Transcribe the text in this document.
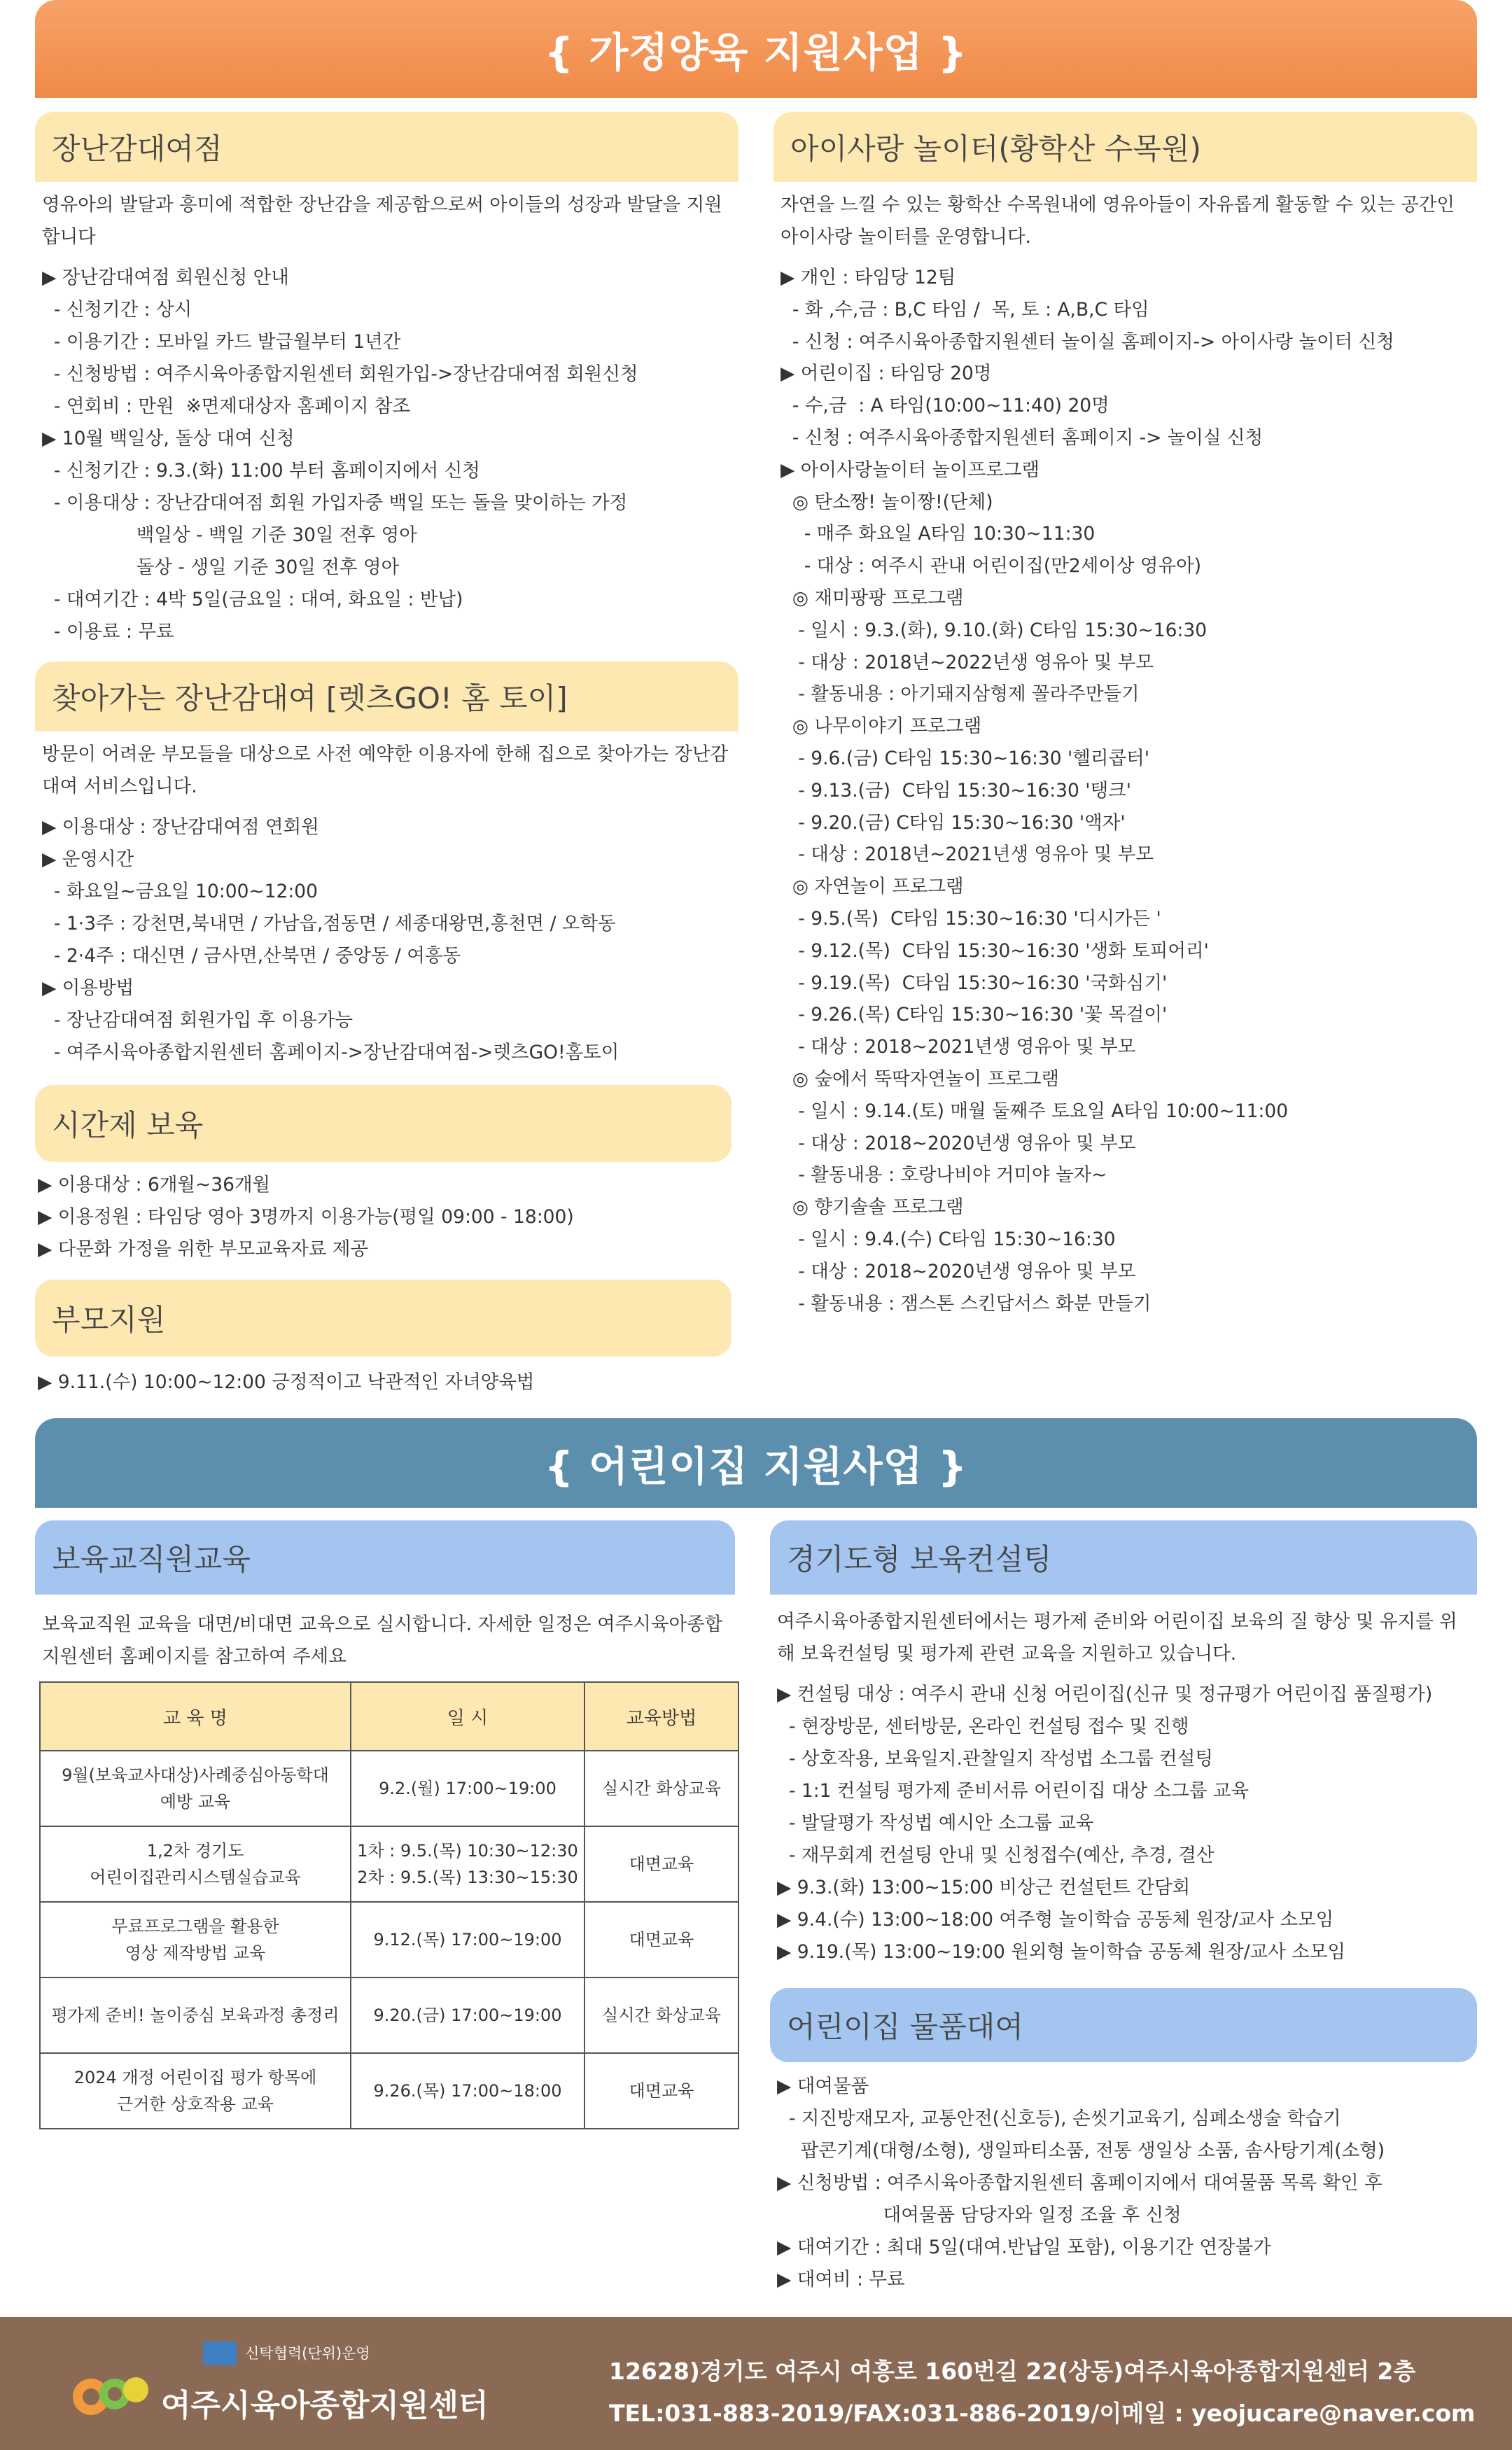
{ 가정양육 지원사업 }
장난감대여점
영유아의 발달과 흥미에 적합한 장난감을 제공함으로써 아이들의 성장과 발달을 지원합니다
▶ 장난감대여점 회원신청 안내
- 신청기간 : 상시
- 이용기간 : 모바일 카드 발급월부터 1년간
- 신청방법 : 여주시육아종합지원센터 회원가입->장난감대여점 회원신청
- 연회비 : 만원  ※면제대상자 홈페이지 참조
▶ 10월 백일상, 돌상 대여 신청
- 신청기간 : 9.3.(화) 11:00 부터 홈페이지에서 신청
- 이용대상 : 장난감대여점 회원 가입자중 백일 또는 돌을 맞이하는 가정
백일상 - 백일 기준 30일 전후 영아
돌상 - 생일 기준 30일 전후 영아
- 대여기간 : 4박 5일(금요일 : 대여, 화요일 : 반납)
- 이용료 : 무료
찾아가는 장난감대여 [렛츠GO! 홈 토이]
방문이 어려운 부모들을 대상으로 사전 예약한 이용자에 한해 집으로 찾아가는 장난감 대여 서비스입니다.
▶ 이용대상 : 장난감대여점 연회원
▶ 운영시간
- 화요일~금요일 10:00~12:00
- 1·3주 : 강천면,북내면 / 가남읍,점동면 / 세종대왕면,흥천면 / 오학동
- 2·4주 : 대신면 / 금사면,산북면 / 중앙동 / 여흥동
▶ 이용방법
- 장난감대여점 회원가입 후 이용가능
- 여주시육아종합지원센터 홈페이지->장난감대여점->렛츠GO!홈토이
시간제 보육
▶ 이용대상 : 6개월~36개월
▶ 이용정원 : 타임당 영아 3명까지 이용가능(평일 09:00 - 18:00)
▶ 다문화 가정을 위한 부모교육자료 제공
부모지원
▶ 9.11.(수) 10:00~12:00 긍정적이고 낙관적인 자녀양육법
아이사랑 놀이터(황학산 수목원)
자연을 느낄 수 있는 황학산 수목원내에 영유아들이 자유롭게 활동할 수 있는 공간인 아이사랑 놀이터를 운영합니다.
▶ 개인 : 타임당 12팀
- 화 ,수,금 : B,C 타임 /  목, 토 : A,B,C 타임
- 신청 : 여주시육아종합지원센터 놀이실 홈페이지-> 아이사랑 놀이터 신청
▶ 어린이집 : 타임당 20명
- 수,금  : A 타임(10:00~11:40) 20명
- 신청 : 여주시육아종합지원센터 홈페이지 -> 놀이실 신청
▶ 아이사랑놀이터 놀이프로그램
◎ 탄소짱! 놀이짱!(단체)
- 매주 화요일 A타임 10:30~11:30
- 대상 : 여주시 관내 어린이집(만2세이상 영유아)
◎ 재미팡팡 프로그램
- 일시 : 9.3.(화), 9.10.(화) C타임 15:30~16:30
- 대상 : 2018년~2022년생 영유아 및 부모
- 활동내용 : 아기돼지삼형제 꼴라주만들기
◎ 나무이야기 프로그램
- 9.6.(금) C타임 15:30~16:30 '헬리콥터'
- 9.13.(금)  C타임 15:30~16:30 '탱크'
- 9.20.(금) C타임 15:30~16:30 '액자'
- 대상 : 2018년~2021년생 영유아 및 부모
◎ 자연놀이 프로그램
- 9.5.(목)  C타임 15:30~16:30 '디시가든 '
- 9.12.(목)  C타임 15:30~16:30 '생화 토피어리'
- 9.19.(목)  C타임 15:30~16:30 '국화심기'
- 9.26.(목) C타임 15:30~16:30 '꽃 목걸이'
- 대상 : 2018~2021년생 영유아 및 부모
◎ 숲에서 뚝딱자연놀이 프로그램
- 일시 : 9.14.(토) 매월 둘째주 토요일 A타임 10:00~11:00
- 대상 : 2018~2020년생 영유아 및 부모
- 활동내용 : 호랑나비야 거미야 놀자~
◎ 향기솔솔 프로그램
- 일시 : 9.4.(수) C타임 15:30~16:30
- 대상 : 2018~2020년생 영유아 및 부모
- 활동내용 : 잼스톤 스킨답서스 화분 만들기
{ 어린이집 지원사업 }
보육교직원교육
보육교직원 교육을 대면/비대면 교육으로 실시합니다. 자세한 일정은 여주시육아종합지원센터 홈페이지를 참고하여 주세요
교 육 명	일 시	교육방법
9월(보육교사대상)사례중심아동학대
예방 교육	9.2.(월) 17:00~19:00	실시간 화상교육
1,2차 경기도
어린이집관리시스템실습교육	1차 : 9.5.(목) 10:30~12:30
2차 : 9.5.(목) 13:30~15:30	대면교육
무료프로그램을 활용한
영상 제작방법 교육	9.12.(목) 17:00~19:00	대면교육
평가제 준비! 놀이중심 보육과정 총정리	9.20.(금) 17:00~19:00	실시간 화상교육
2024 개정 어린이집 평가 항목에
근거한 상호작용 교육	9.26.(목) 17:00~18:00	대면교육
경기도형 보육컨설팅
여주시육아종합지원센터에서는 평가제 준비와 어린이집 보육의 질 향상 및 유지를 위해 보육컨설팅 및 평가제 관련 교육을 지원하고 있습니다.
▶ 컨설팅 대상 : 여주시 관내 신청 어린이집(신규 및 정규평가 어린이집 품질평가)
- 현장방문, 센터방문, 온라인 컨설팅 접수 및 진행
- 상호작용, 보육일지.관찰일지 작성법 소그룹 컨설팅
- 1:1 컨설팅 평가제 준비서류 어린이집 대상 소그룹 교육
- 발달평가 작성법 예시안 소그룹 교육
- 재무회계 컨설팅 안내 및 신청접수(예산, 추경, 결산
▶ 9.3.(화) 13:00~15:00 비상근 컨설턴트 간담회
▶ 9.4.(수) 13:00~18:00 여주형 놀이학습 공동체 원장/교사 소모임
▶ 9.19.(목) 13:00~19:00 원외형 놀이학습 공동체 원장/교사 소모임
어린이집 물품대여
▶ 대여물품
- 지진방재모자, 교통안전(신호등), 손씻기교육기, 심폐소생술 학습기
팝콘기계(대형/소형), 생일파티소품, 전통 생일상 소품, 솜사탕기계(소형)
▶ 신청방법 : 여주시육아종합지원센터 홈페이지에서 대여물품 목록 확인 후
대여물품 담당자와 일정 조율 후 신청
▶ 대여기간 : 최대 5일(대여.반납일 포함), 이용기간 연장불가
▶ 대여비 : 무료
신탁협력(단위)운영
여주시육아종합지원센터
12628)경기도 여주시 여흥로 160번길 22(상동)여주시육아종합지원센터 2층
TEL:031-883-2019/FAX:031-886-2019/이메일 : yeojucare@naver.com
